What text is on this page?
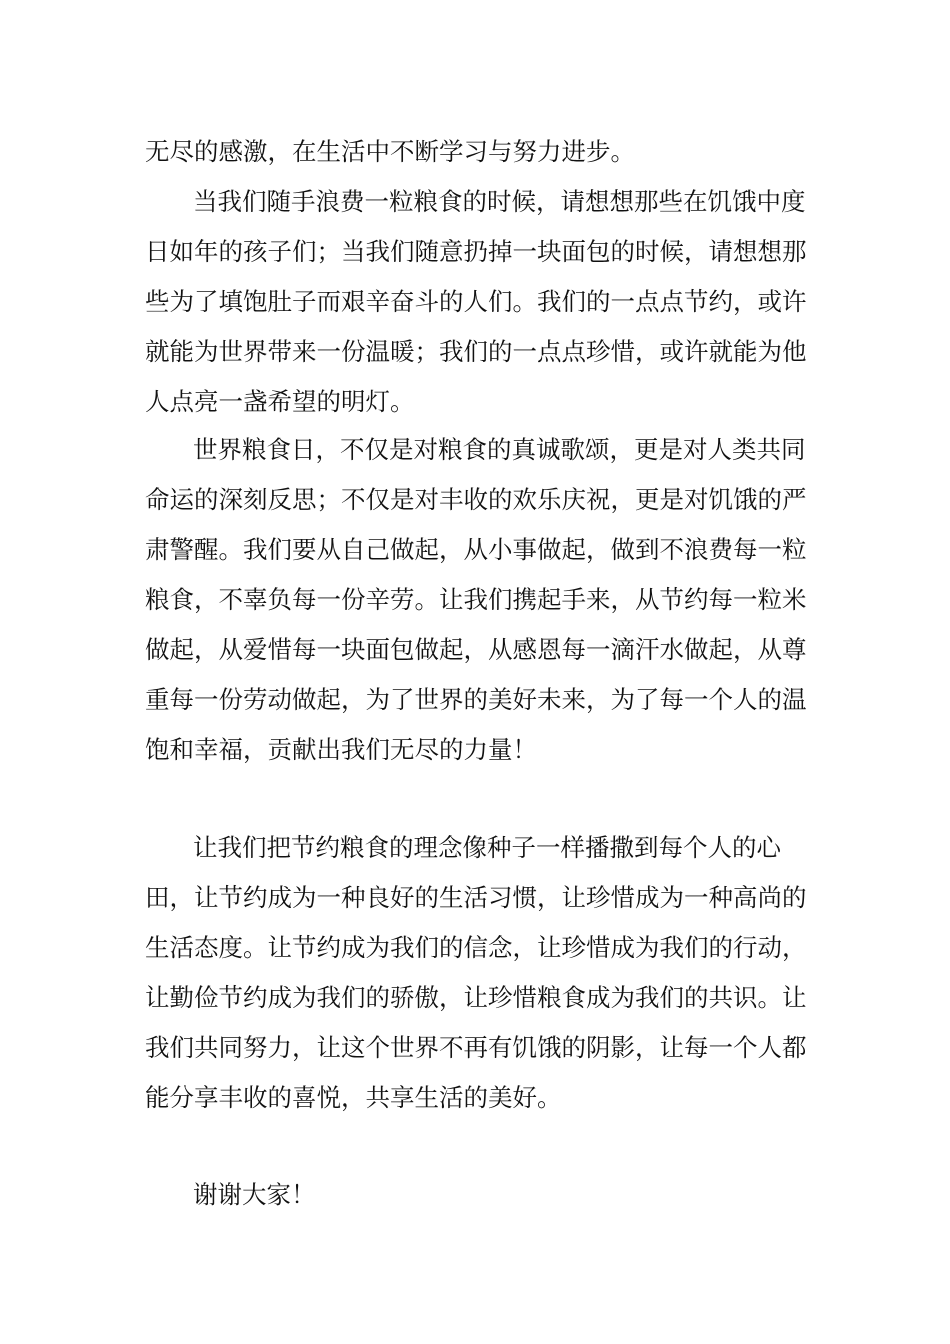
无尽的感激，在生活中不断学习与努力进步。
当我们随手浪费一粒粮食的时候，请想想那些在饥饿中度
日如年的孩子们；当我们随意扔掉一块面包的时候，请想想那
些为了填饱肚子而艰辛奋斗的人们。我们的一点点节约，或许
就能为世界带来一份温暖；我们的一点点珍惜，或许就能为他
人点亮一盏希望的明灯。
世界粮食日，不仅是对粮食的真诚歌颂，更是对人类共同
命运的深刻反思；不仅是对丰收的欢乐庆祝，更是对饥饿的严
肃警醒。我们要从自己做起，从小事做起，做到不浪费每一粒
粮食，不辜负每一份辛劳。让我们携起手来，从节约每一粒米
做起，从爱惜每一块面包做起，从感恩每一滴汗水做起，从尊
重每一份劳动做起，为了世界的美好未来，为了每一个人的温
饱和幸福，贡献出我们无尽的力量！
让我们把节约粮食的理念像种子一样播撒到每个人的心
田，让节约成为一种良好的生活习惯，让珍惜成为一种高尚的
生活态度。让节约成为我们的信念，让珍惜成为我们的行动，
让勤俭节约成为我们的骄傲，让珍惜粮食成为我们的共识。让
我们共同努力，让这个世界不再有饥饿的阴影，让每一个人都
能分享丰收的喜悦，共享生活的美好。
谢谢大家！
